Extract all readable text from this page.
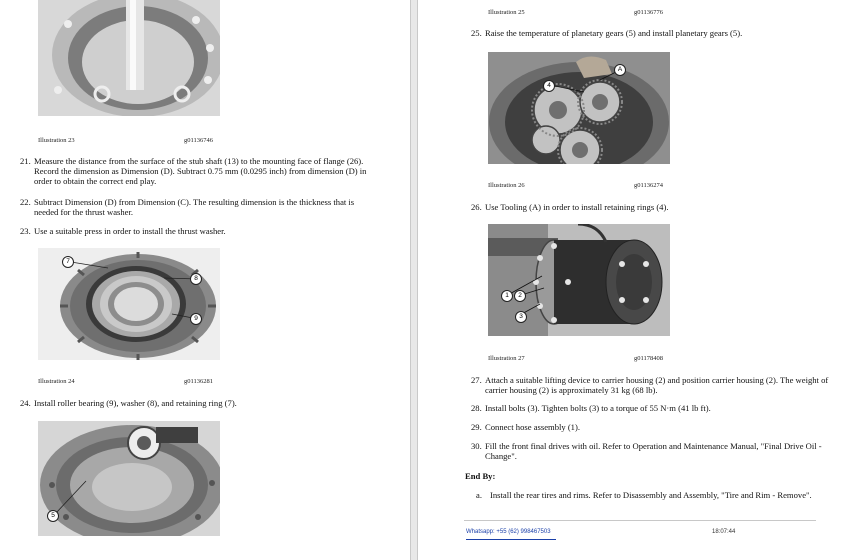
Illustration 23	g01136746
21. Measure the distance from the surface of the stub shaft (13) to the mounting face of flange (26). Record the dimension as Dimension (D). Subtract 0.75 mm (0.0295 inch) from dimension (D) in order to obtain the correct end play.
22. Subtract Dimension (D) from Dimension (C). The resulting dimension is the thickness that is needed for the thrust washer.
23. Use a suitable press in order to install the thrust washer.
7
8
9
Illustration 24	g01136281
24. Install roller bearing (9), washer (8), and retaining ring (7).
5
Illustration 25	g01136776
25. Raise the temperature of planetary gears (5) and install planetary gears (5).
A
4
Illustration 26	g01136274
26. Use Tooling (A) in order to install retaining rings (4).
1	2
3
Illustration 27	g01178408
27. Attach a suitable lifting device to carrier housing (2) and position carrier housing (2). The weight of carrier housing (2) is approximately 31 kg (68 lb).
28. Install bolts (3). Tighten bolts (3) to a torque of 55 N·m (41 lb ft).
29. Connect hose assembly (1).
30. Fill the front final drives with oil. Refer to Operation and Maintenance Manual, "Final Drive Oil - Change".
End By:
a. Install the rear tires and rims. Refer to Disassembly and Assembly, "Tire and Rim - Remove".
Whatsapp: +55 (62) 998467503	18:07:44
